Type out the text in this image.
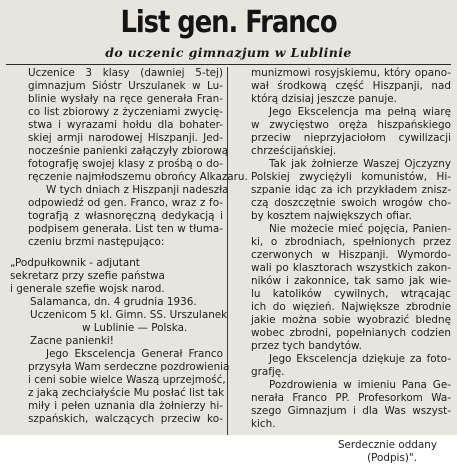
List gen. Franco
do uczenic gimnazjum w Lublinie
Uczenice 3 klasy (dawniej 5-tej)
gimnazjum Sióstr Urszulanek w Lu-
blinie wysłały na ręce generała Fran-
co list zbiorowy z życzeniami zwycię-
stwa i wyrazami hołdu dla bohater-
skiej armji narodowej Hiszpanji. Jed-
nocześnie panienki załączyły zbiorową
fotografję swojej klasy z prośbą o do-
ręczenie najmłodszemu obrońcy Alkazaru.
W tych dniach z Hiszpanji nadeszła
odpowiedź od gen. Franco, wraz z fo-
tografją z własnoręczną dedykacją i
podpisem generała. List ten w tłuma-
czeniu brzmi następująco:
„Podpułkownik - adjutant
sekretarz przy szefie państwa
i generale szefie wojsk narod.
Salamanca, dn. 4 grudnia 1936.
Uczenicom 5 kl. Gimn. SS. Urszulanek
w Lublinie — Polska.
Zacne panienki!
Jego Ekscelencja Generał Franco
przysyła Wam serdeczne pozdrowienia
i ceni sobie wielce Waszą uprzejmość,
z jaką zechciałyście Mu posłać list tak
miły i pełen uznania dla żołnierzy hi-
szpańskich, walczących przeciw ko-
munizmowi rosyjskiemu, który opano-
wał środkową część Hiszpanji, nad
którą dzisiaj jeszcze panuje.
Jego Ekscelencja ma pełną wiarę
w zwycięstwo oręża hiszpańskiego
przeciw nieprzyjaciołom cywilizacji
chrześcijańskiej.
Tak jak żołnierze Waszej Ojczyzny
Polskiej zwyciężyli komunistów, Hi-
szpanie idąc za ich przykładem znisz-
czą doszczętnie swoich wrogów cho-
by kosztem największych ofiar.
Nie możecie mieć pojęcia, Panien-
ki, o zbrodniach, spełnionych przez
czerwonych w Hiszpanji. Wymordo-
wali po klasztorach wszystkich zakon-
ników i zakonnice, tak samo jak wie-
lu katolików cywilnych, wtrącając
ich do więzień. Największe zbrodnie
jakie można sobie wyobrazić blednę
wobec zbrodni, popełnianych codzien
przez tych bandytów.
Jego Ekscelencja dziękuje za foto-
grafję.
Pozdrowienia w imieniu Pana Ge-
nerała Franco PP. Profesorkom Wa-
szego Gimnazjum i dla Was wszyst-
kich.
Serdecznie oddany
(Podpis)".
